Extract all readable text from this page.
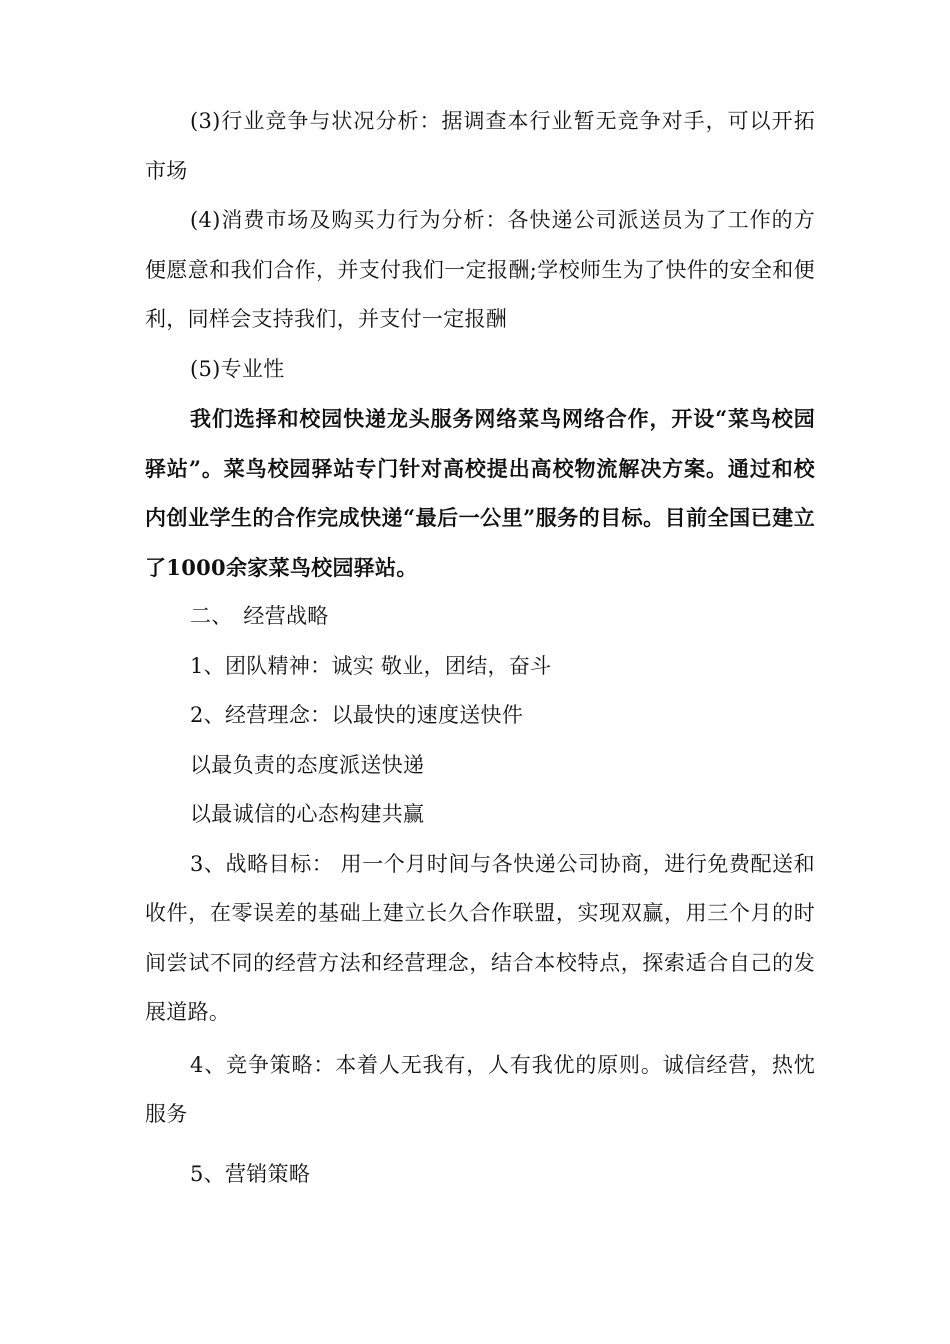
(3)行业竞争与状况分析：据调查本行业暂无竞争对手，可以开拓市场

(4)消费市场及购买力行为分析：各快递公司派送员为了工作的方便愿意和我们合作，并支付我们一定报酬;学校师生为了快件的安全和便利，同样会支持我们，并支付一定报酬

(5)专业性

我们选择和校园快递龙头服务网络菜鸟网络合作，开设“菜鸟校园驿站”。菜鸟校园驿站专门针对高校提出高校物流解决方案。通过和校内创业学生的合作完成快递“最后一公里”服务的目标。目前全国已建立了1000余家菜鸟校园驿站。

二、　经营战略

1、团队精神：诚实 敬业，团结，奋斗

2、经营理念：以最快的速度送快件

以最负责的态度派送快递

以最诚信的心态构建共赢

3、战略目标： 用一个月时间与各快递公司协商，进行免费配送和收件，在零误差的基础上建立长久合作联盟，实现双赢，用三个月的时间尝试不同的经营方法和经营理念，结合本校特点，探索适合自己的发展道路。

4、竞争策略：本着人无我有，人有我优的原则。诚信经营，热忱服务

5、营销策略
